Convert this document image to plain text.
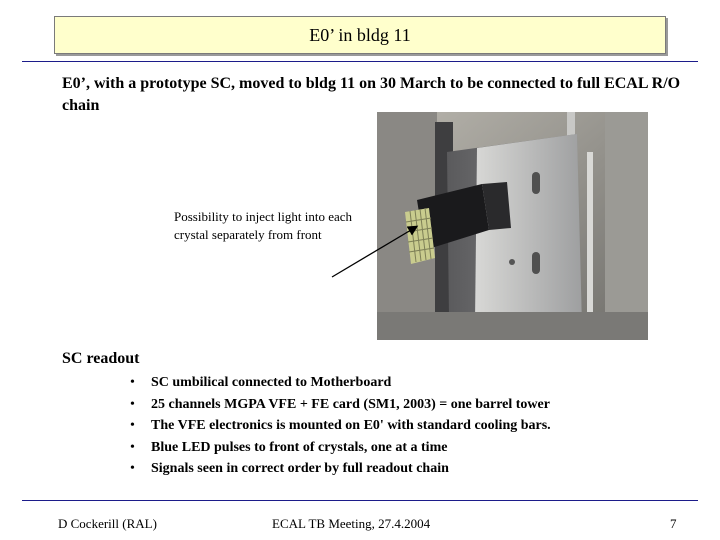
E0’ in bldg 11
E0’, with a prototype SC, moved to bldg 11 on 30 March to be connected to full ECAL R/O chain
Possibility to inject light into each crystal separately from front
SC readout
• SC umbilical connected to Motherboard
• 25 channels MGPA VFE + FE card (SM1, 2003) = one barrel tower
• The VFE electronics is mounted on E0' with standard cooling bars.
• Blue LED pulses to front of crystals, one at a time
• Signals seen in correct order by full readout chain
D Cockerill (RAL)	ECAL TB Meeting, 27.4.2004	7
